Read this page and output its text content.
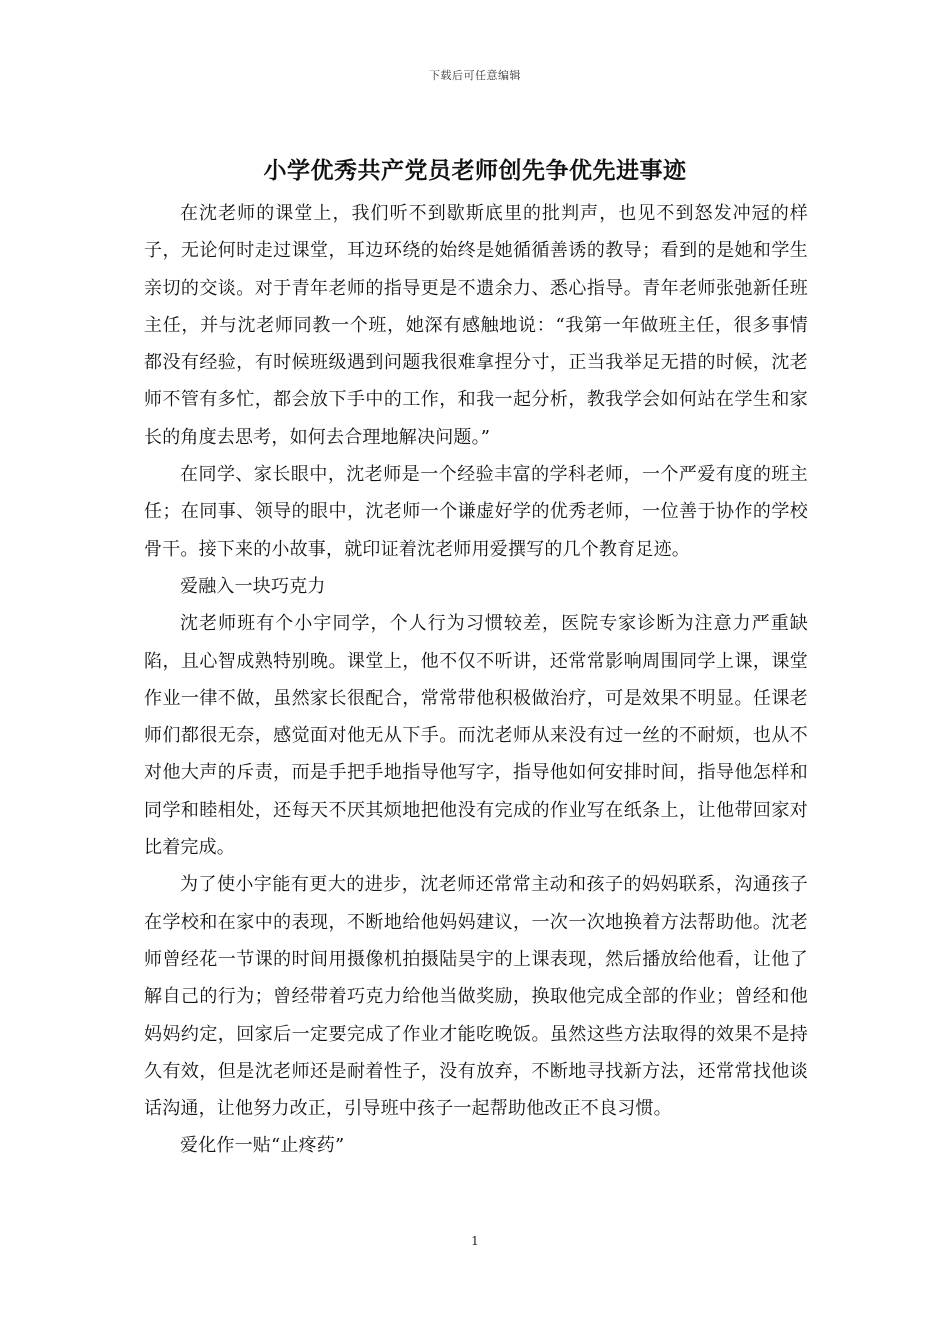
下载后可任意编辑
小学优秀共产党员老师创先争优先进事迹

在沈老师的课堂上，我们听不到歇斯底里的批判声，也见不到怒发冲冠的样子，无论何时走过课堂，耳边环绕的始终是她循循善诱的教导；看到的是她和学生亲切的交谈。对于青年老师的指导更是不遗余力、悉心指导。青年老师张弛新任班主任，并与沈老师同教一个班，她深有感触地说：“我第一年做班主任，很多事情都没有经验，有时候班级遇到问题我很难拿捏分寸，正当我举足无措的时候，沈老师不管有多忙，都会放下手中的工作，和我一起分析，教我学会如何站在学生和家长的角度去思考，如何去合理地解决问题。”

在同学、家长眼中，沈老师是一个经验丰富的学科老师，一个严爱有度的班主任；在同事、领导的眼中，沈老师一个谦虚好学的优秀老师，一位善于协作的学校骨干。接下来的小故事，就印证着沈老师用爱撰写的几个教育足迹。

爱融入一块巧克力

沈老师班有个小宇同学，个人行为习惯较差，医院专家诊断为注意力严重缺陷，且心智成熟特别晚。课堂上，他不仅不听讲，还常常影响周围同学上课，课堂作业一律不做，虽然家长很配合，常常带他积极做治疗，可是效果不明显。任课老师们都很无奈，感觉面对他无从下手。而沈老师从来没有过一丝的不耐烦，也从不对他大声的斥责，而是手把手地指导他写字，指导他如何安排时间，指导他怎样和同学和睦相处，还每天不厌其烦地把他没有完成的作业写在纸条上，让他带回家对比着完成。

为了使小宇能有更大的进步，沈老师还常常主动和孩子的妈妈联系，沟通孩子在学校和在家中的表现，不断地给他妈妈建议，一次一次地换着方法帮助他。沈老师曾经花一节课的时间用摄像机拍摄陆昊宇的上课表现，然后播放给他看，让他了解自己的行为；曾经带着巧克力给他当做奖励，换取他完成全部的作业；曾经和他妈妈约定，回家后一定要完成了作业才能吃晚饭。虽然这些方法取得的效果不是持久有效，但是沈老师还是耐着性子，没有放弃，不断地寻找新方法，还常常找他谈话沟通，让他努力改正，引导班中孩子一起帮助他改正不良习惯。

爱化作一贴“止疼药”

1
